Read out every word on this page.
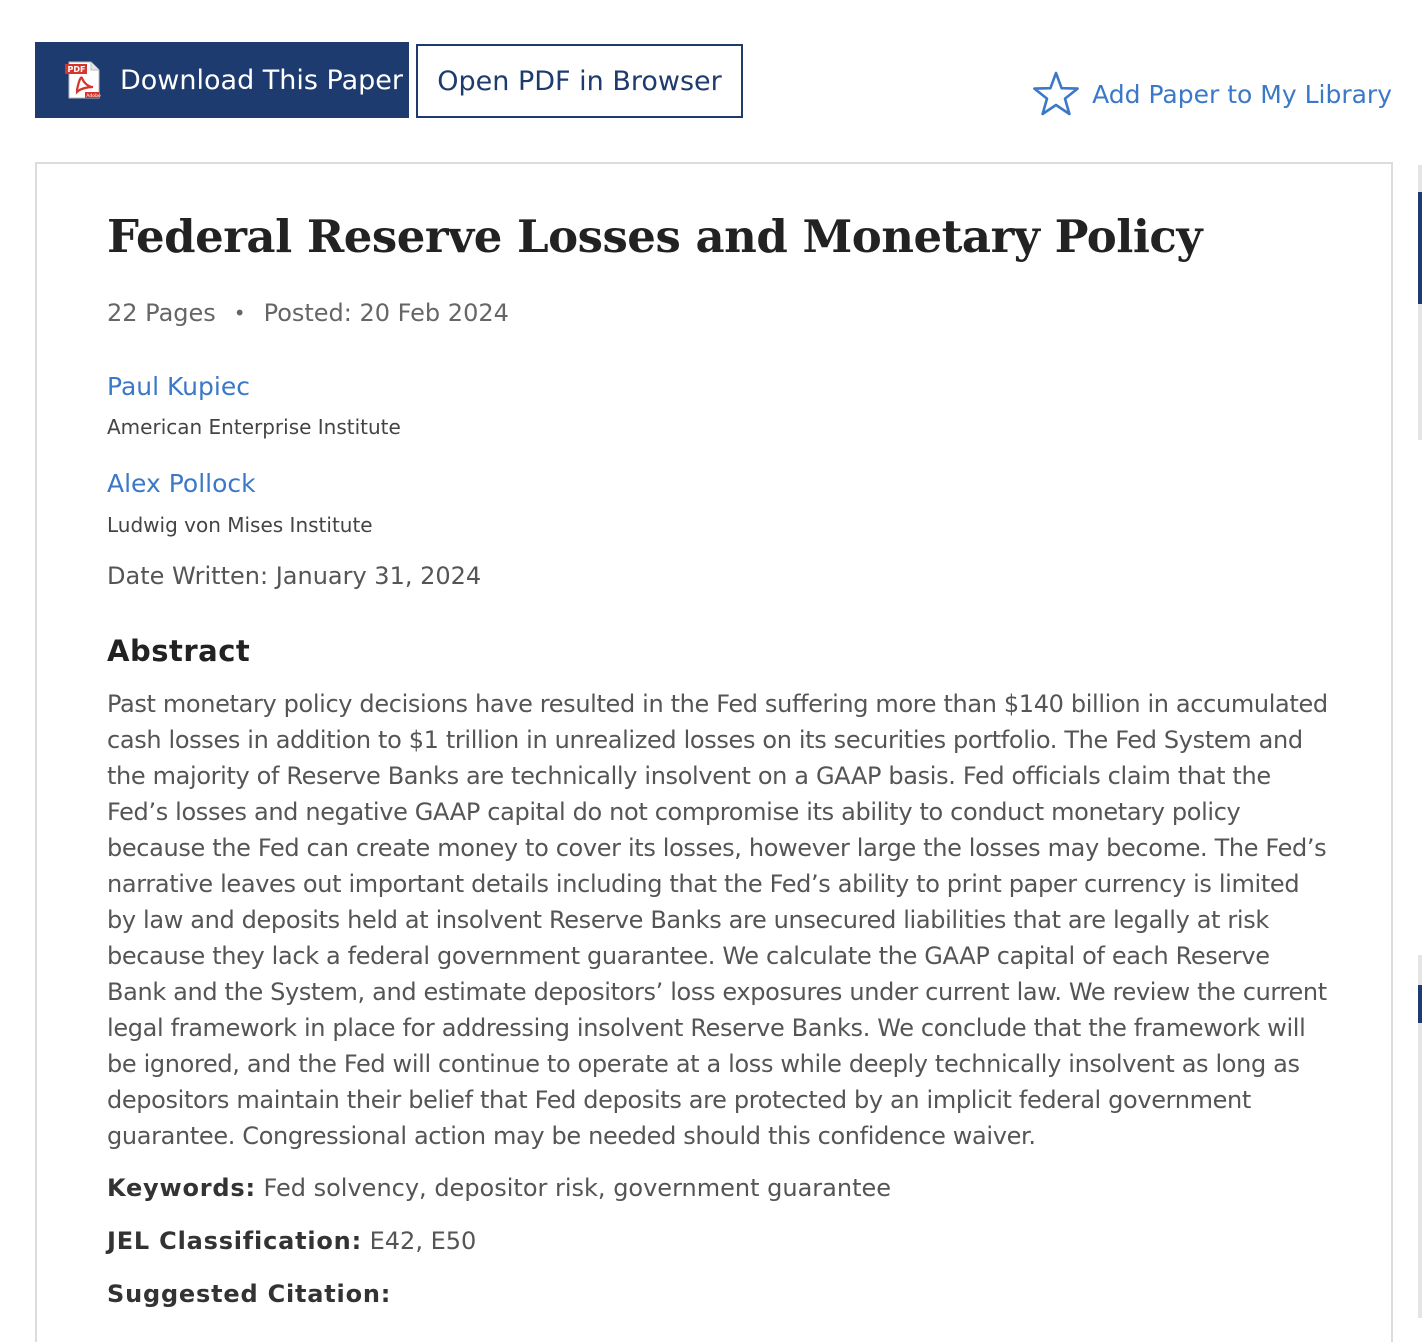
PDF
Adobe
Download This Paper	Open PDF in Browser	Add Paper to My Library
Federal Reserve Losses and Monetary Policy
22 Pages • Posted: 20 Feb 2024
Paul Kupiec
American Enterprise Institute
Alex Pollock
Ludwig von Mises Institute
Date Written: January 31, 2024
Abstract
Past monetary policy decisions have resulted in the Fed suffering more than $140 billion in accumulated cash losses in addition to $1 trillion in unrealized losses on its securities portfolio. The Fed System and the majority of Reserve Banks are technically insolvent on a GAAP basis. Fed officials claim that the Fed’s losses and negative GAAP capital do not compromise its ability to conduct monetary policy because the Fed can create money to cover its losses, however large the losses may become. The Fed’s narrative leaves out important details including that the Fed’s ability to print paper currency is limited by law and deposits held at insolvent Reserve Banks are unsecured liabilities that are legally at risk because they lack a federal government guarantee. We calculate the GAAP capital of each Reserve Bank and the System, and estimate depositors’ loss exposures under current law. We review the current legal framework in place for addressing insolvent Reserve Banks. We conclude that the framework will be ignored, and the Fed will continue to operate at a loss while deeply technically insolvent as long as depositors maintain their belief that Fed deposits are protected by an implicit federal government guarantee. Congressional action may be needed should this confidence waiver.
Keywords: Fed solvency, depositor risk, government guarantee
JEL Classification: E42, E50
Suggested Citation:
